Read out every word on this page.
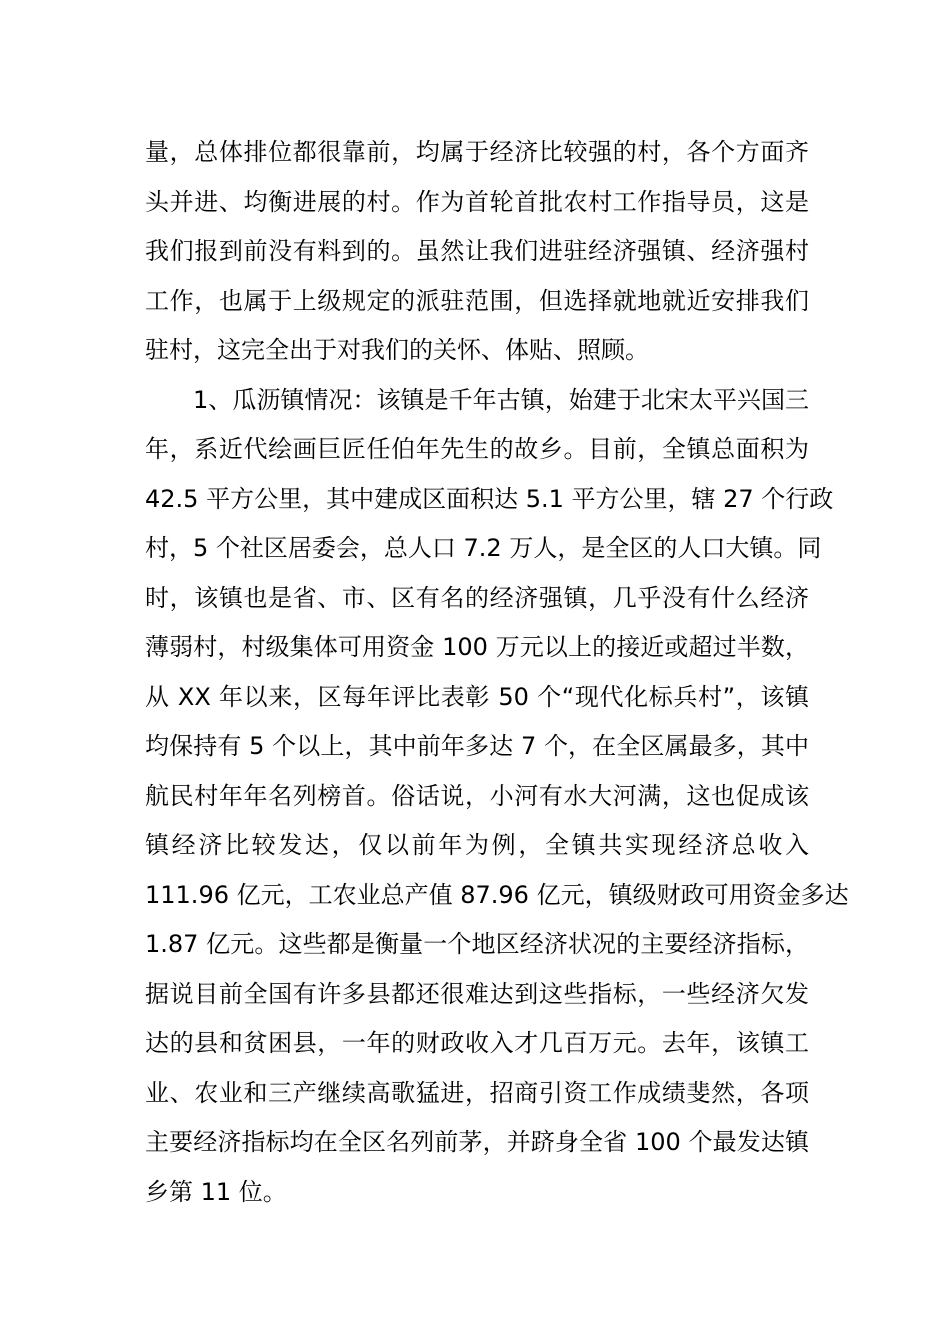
量，总体排位都很靠前，均属于经济比较强的村，各个方面齐
头并进、均衡进展的村。作为首轮首批农村工作指导员，这是
我们报到前没有料到的。虽然让我们进驻经济强镇、经济强村
工作，也属于上级规定的派驻范围，但选择就地就近安排我们
驻村，这完全出于对我们的关怀、体贴、照顾。
1、瓜沥镇情况：该镇是千年古镇，始建于北宋太平兴国三
年，系近代绘画巨匠任伯年先生的故乡。目前，全镇总面积为
42.5 平方公里，其中建成区面积达 5.1 平方公里，辖 27 个行政
村，5 个社区居委会，总人口 7.2 万人，是全区的人口大镇。同
时，该镇也是省、市、区有名的经济强镇，几乎没有什么经济
薄弱村，村级集体可用资金 100 万元以上的接近或超过半数，
从 XX 年以来，区每年评比表彰 50 个“现代化标兵村”，该镇
均保持有 5 个以上，其中前年多达 7 个，在全区属最多，其中
航民村年年名列榜首。俗话说，小河有水大河满，这也促成该
镇经济比较发达，仅以前年为例，全镇共实现经济总收入
111.96 亿元，工农业总产值 87.96 亿元，镇级财政可用资金多达
1.87 亿元。这些都是衡量一个地区经济状况的主要经济指标，
据说目前全国有许多县都还很难达到这些指标，一些经济欠发
达的县和贫困县，一年的财政收入才几百万元。去年，该镇工
业、农业和三产继续高歌猛进，招商引资工作成绩斐然，各项
主要经济指标均在全区名列前茅，并跻身全省 100 个最发达镇
乡第 11 位。
